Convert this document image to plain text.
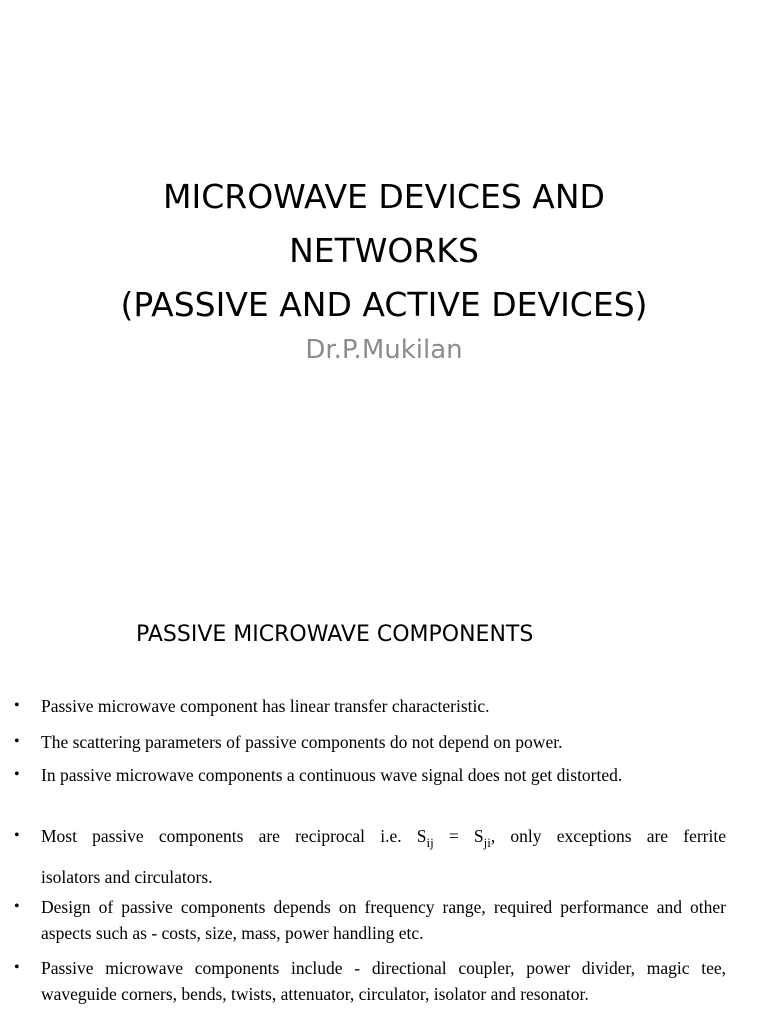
MICROWAVE DEVICES AND
NETWORKS
(PASSIVE AND ACTIVE DEVICES)
Dr.P.Mukilan
PASSIVE MICROWAVE COMPONENTS
•	Passive microwave component has linear transfer characteristic.
•	The scattering parameters of passive components do not depend on power.
•	In passive microwave components a continuous wave signal does not get distorted.
•	Most passive components are reciprocal i.e. $S_{ij} = S_{ji}$, only exceptions are ferrite
isolators and circulators.
•	Design of passive components depends on frequency range, required performance and other aspects such as - costs, size, mass, power handling etc.
•	Passive microwave components include - directional coupler, power divider, magic tee, waveguide corners, bends, twists, attenuator, circulator, isolator and resonator.
